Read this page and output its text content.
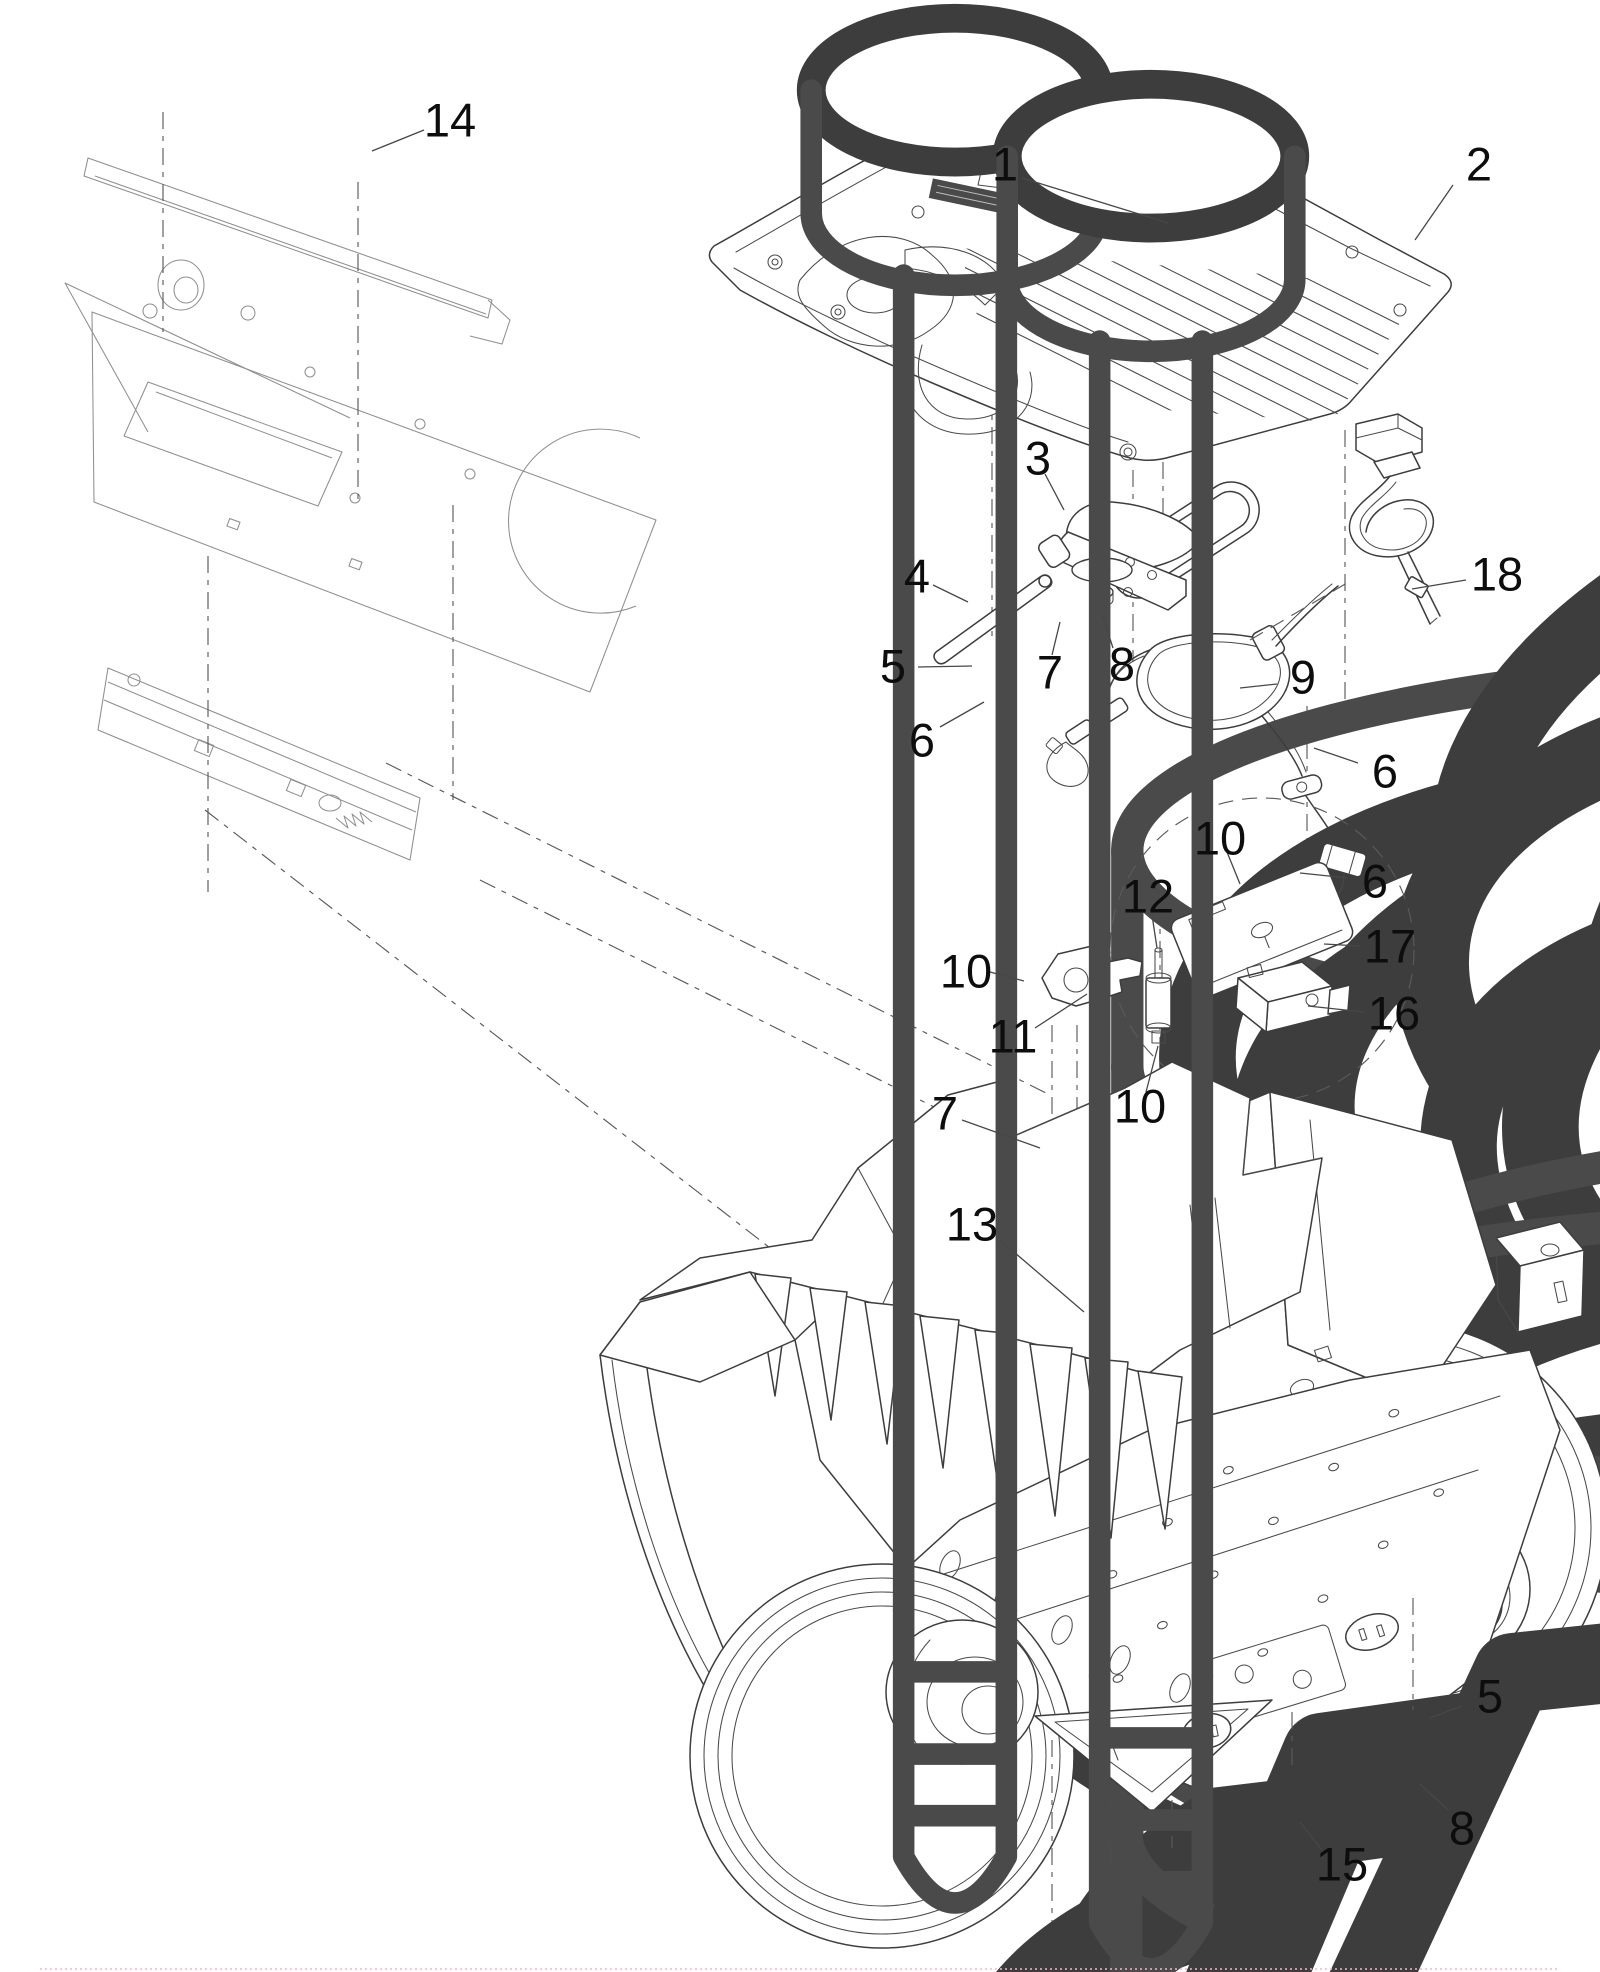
1	2
3
4
5
6
7 8	9
18
6
6
10
12
17
16
10
11
10
7
13
5
8
15
14
